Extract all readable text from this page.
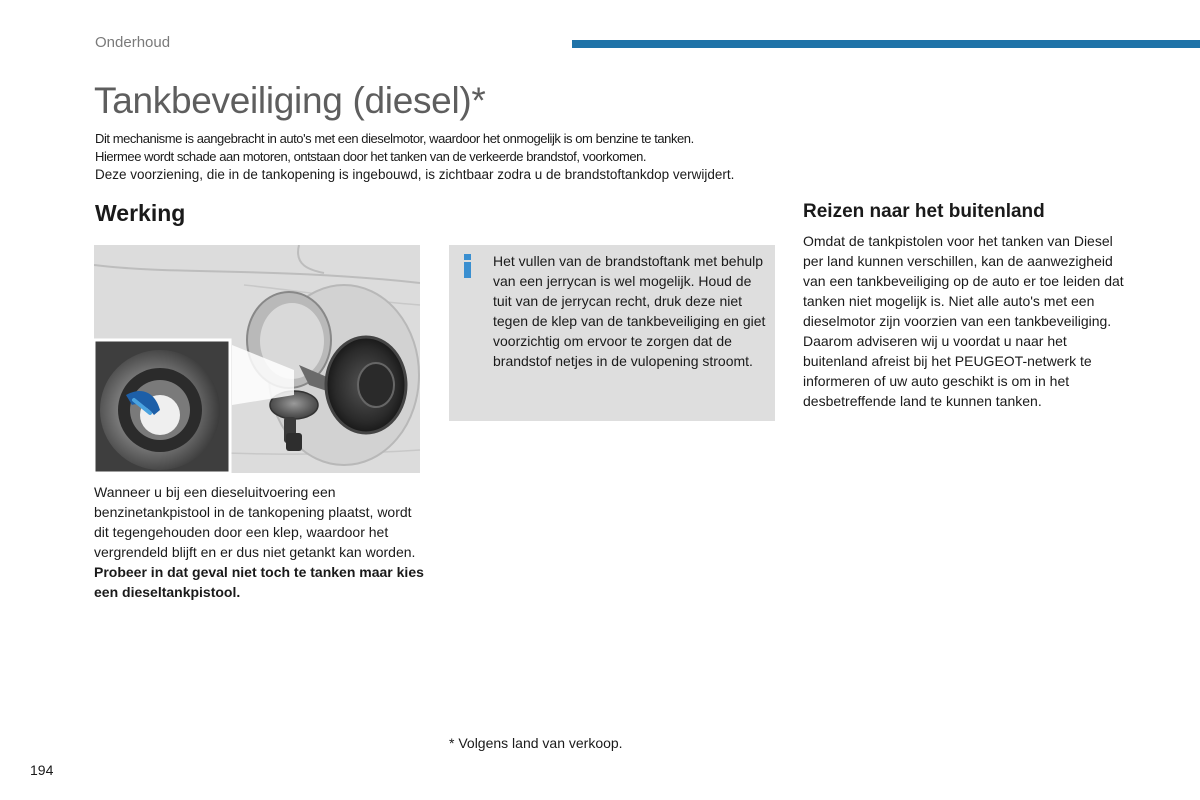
Onderhoud
Tankbeveiliging (diesel)*
Dit mechanisme is aangebracht in auto's met een dieselmotor, waardoor het onmogelijk is om benzine te tanken.
Hiermee wordt schade aan motoren, ontstaan door het tanken van de verkeerde brandstof, voorkomen.
Deze voorziening, die in de tankopening is ingebouwd, is zichtbaar zodra u de brandstoftankdop verwijdert.
Werking	Reizen naar het buitenland
Wanneer u bij een dieseluitvoering een benzinetankpistool in de tankopening plaatst, wordt dit tegengehouden door een klep, waardoor het vergrendeld blijft en er dus niet getankt kan worden.
Probeer in dat geval niet toch te tanken maar kies een dieseltankpistool.
Het vullen van de brandstoftank met behulp van een jerrycan is wel mogelijk. Houd de tuit van de jerrycan recht, druk deze niet tegen de klep van de tankbeveiliging en giet voorzichtig om ervoor te zorgen dat de brandstof netjes in de vulopening stroomt.
Omdat de tankpistolen voor het tanken van Diesel per land kunnen verschillen, kan de aanwezigheid van een tankbeveiliging op de auto er toe leiden dat tanken niet mogelijk is. Niet alle auto's met een dieselmotor zijn voorzien van een tankbeveiliging. Daarom adviseren wij u voordat u naar het buitenland afreist bij het PEUGEOT-netwerk te informeren of uw auto geschikt is om in het desbetreffende land te kunnen tanken.
* Volgens land van verkoop.
194
